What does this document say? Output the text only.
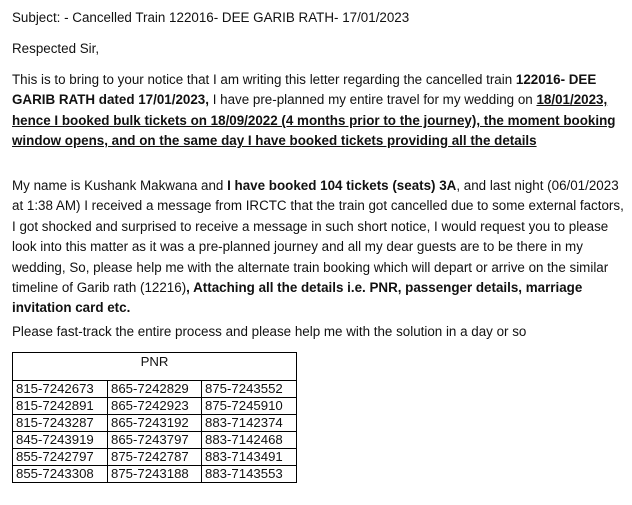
Subject: - Cancelled Train 122016- DEE GARIB RATH- 17/01/2023
Respected Sir,
This is to bring to your notice that I am writing this letter regarding the cancelled train 122016- DEE GARIB RATH dated 17/01/2023, I have pre-planned my entire travel for my wedding on 18/01/2023, hence I booked bulk tickets on 18/09/2022 (4 months prior to the journey), the moment booking window opens, and on the same day I have booked tickets providing all the details
My name is Kushank Makwana and I have booked 104 tickets (seats) 3A, and last night (06/01/2023 at 1:38 AM) I received a message from IRCTC that the train got cancelled due to some external factors, I got shocked and surprised to receive a message in such short notice, I would request you to please look into this matter as it was a pre-planned journey and all my dear guests are to be there in my wedding, So, please help me with the alternate train booking which will depart or arrive on the similar timeline of Garib rath (12216), Attaching all the details i.e. PNR, passenger details, marriage invitation card etc.
Please fast-track the entire process and please help me with the solution in a day or so
PNR		
815-7242673	865-7242829	875-7243552
815-7242891	865-7242923	875-7245910
815-7243287	865-7243192	883-7142374
845-7243919	865-7243797	883-7142468
855-7242797	875-7242787	883-7143491
855-7243308	875-7243188	883-7143553
